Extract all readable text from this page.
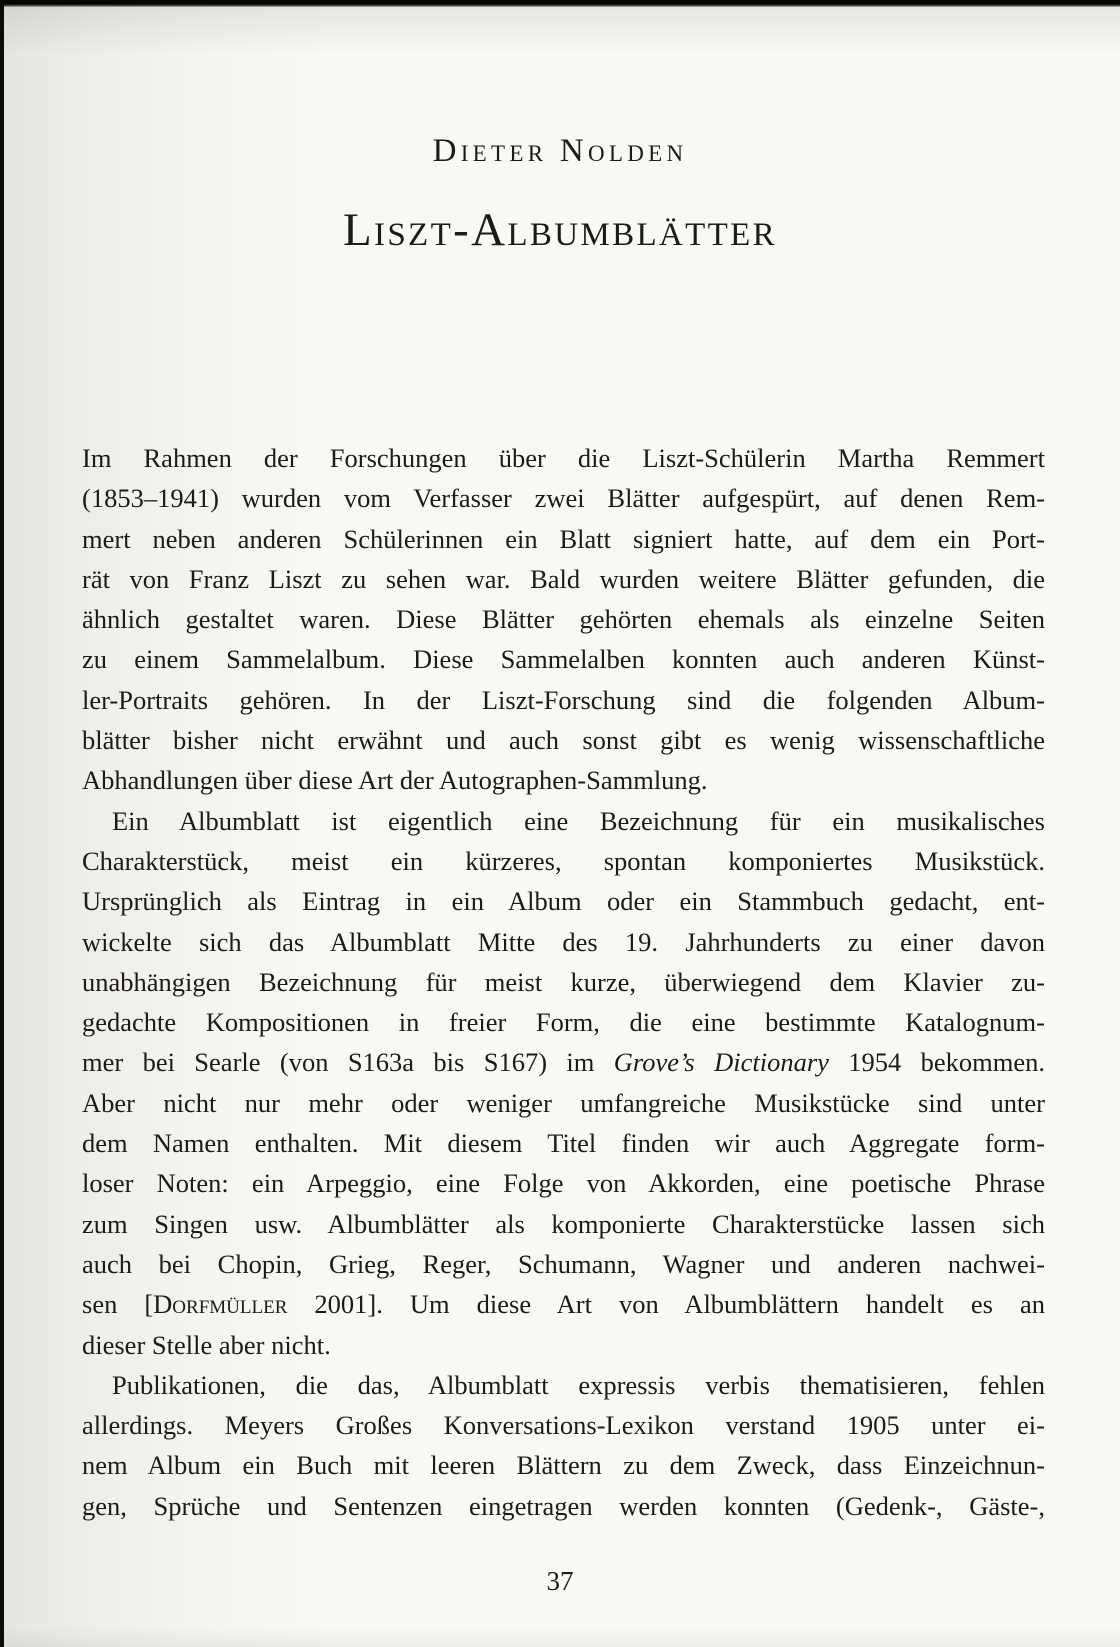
Dieter Nolden
Liszt-Albumblätter
Im Rahmen der Forschungen über die Liszt-Schülerin Martha Remmert
(1853–1941) wurden vom Verfasser zwei Blätter aufgespürt, auf denen Rem-
mert neben anderen Schülerinnen ein Blatt signiert hatte, auf dem ein Port-
rät von Franz Liszt zu sehen war. Bald wurden weitere Blätter gefunden, die
ähnlich gestaltet waren. Diese Blätter gehörten ehemals als einzelne Seiten
zu einem Sammelalbum. Diese Sammelalben konnten auch anderen Künst-
ler-Portraits gehören. In der Liszt-Forschung sind die folgenden Album-
blätter bisher nicht erwähnt und auch sonst gibt es wenig wissenschaftliche
Abhandlungen über diese Art der Autographen-Sammlung.
Ein Albumblatt ist eigentlich eine Bezeichnung für ein musikalisches
Charakterstück, meist ein kürzeres, spontan komponiertes Musikstück.
Ursprünglich als Eintrag in ein Album oder ein Stammbuch gedacht, ent-
wickelte sich das Albumblatt Mitte des 19. Jahrhunderts zu einer davon
unabhängigen Bezeichnung für meist kurze, überwiegend dem Klavier zu-
gedachte Kompositionen in freier Form, die eine bestimmte Katalognum-
mer bei Searle (von S163a bis S167) im Grove’s Dictionary 1954 bekommen.
Aber nicht nur mehr oder weniger umfangreiche Musikstücke sind unter
dem Namen enthalten. Mit diesem Titel finden wir auch Aggregate form-
loser Noten: ein Arpeggio, eine Folge von Akkorden, eine poetische Phrase
zum Singen usw. Albumblätter als komponierte Charakterstücke lassen sich
auch bei Chopin, Grieg, Reger, Schumann, Wagner und anderen nachwei-
sen [Dorfmüller 2001]. Um diese Art von Albumblättern handelt es an
dieser Stelle aber nicht.
Publikationen, die das, Albumblatt expressis verbis thematisieren, fehlen
allerdings. Meyers Großes Konversations-Lexikon verstand 1905 unter ei-
nem Album ein Buch mit leeren Blättern zu dem Zweck, dass Einzeichnun-
gen, Sprüche und Sentenzen eingetragen werden konnten (Gedenk-, Gäste-,
37
